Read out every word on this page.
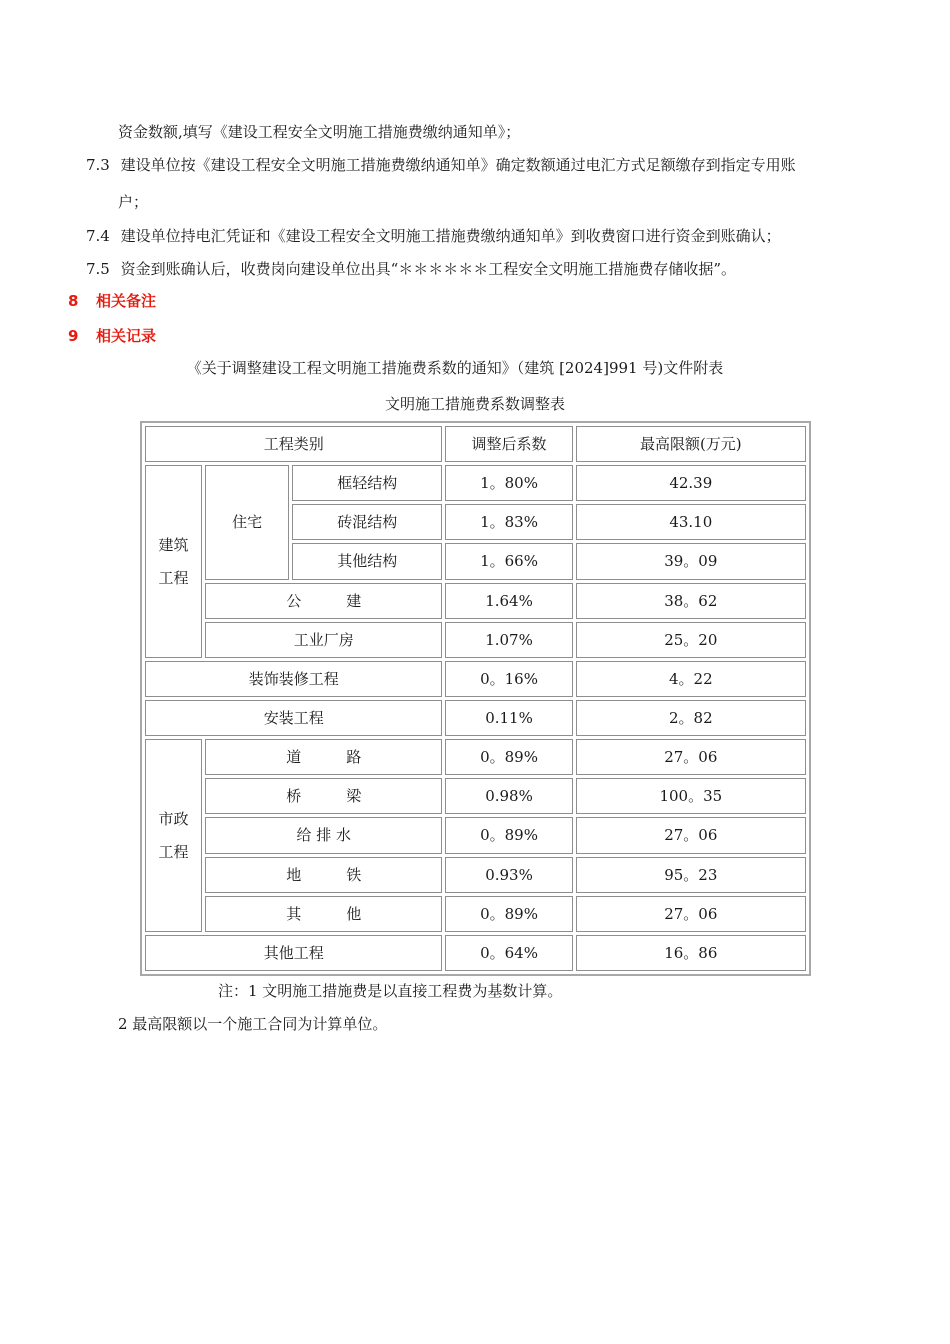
资金数额,填写《建设工程安全文明施工措施费缴纳通知单》；
7.3 建设单位按《建设工程安全文明施工措施费缴纳通知单》确定数额通过电汇方式足额缴存到指定专用账
户；
7.4 建设单位持电汇凭证和《建设工程安全文明施工措施费缴纳通知单》到收费窗口进行资金到账确认；
7.5 资金到账确认后，收费岗向建设单位出具“＊＊＊＊＊＊工程安全文明施工措施费存储收据”。
8 相关备注
9 相关记录
《关于调整建设工程文明施工措施费系数的通知》（建筑 [2024]991 号)文件附表
文明施工措施费系数调整表
工程类别			调整后系数	最高限额(万元)

建筑
工程	住宅	框轻结构	1。80%	42.39
		砖混结构	1。83%	43.10
		其他结构	1。66%	39。09
	公　　　建		1.64%	38。62
	工业厂房		1.07%	25。20
装饰装修工程			0。16%	4。22
安装工程			0.11%	2。82

市政
工程	道　　　路		0。89%	27。06
	桥　　　梁		0.98%	100。35
	给 排 水		0。89%	27。06
	地　　　铁		0.93%	95。23
	其　　　他		0。89%	27。06
其他工程			0。64%	16。86
注：1 文明施工措施费是以直接工程费为基数计算。
2 最高限额以一个施工合同为计算单位。
